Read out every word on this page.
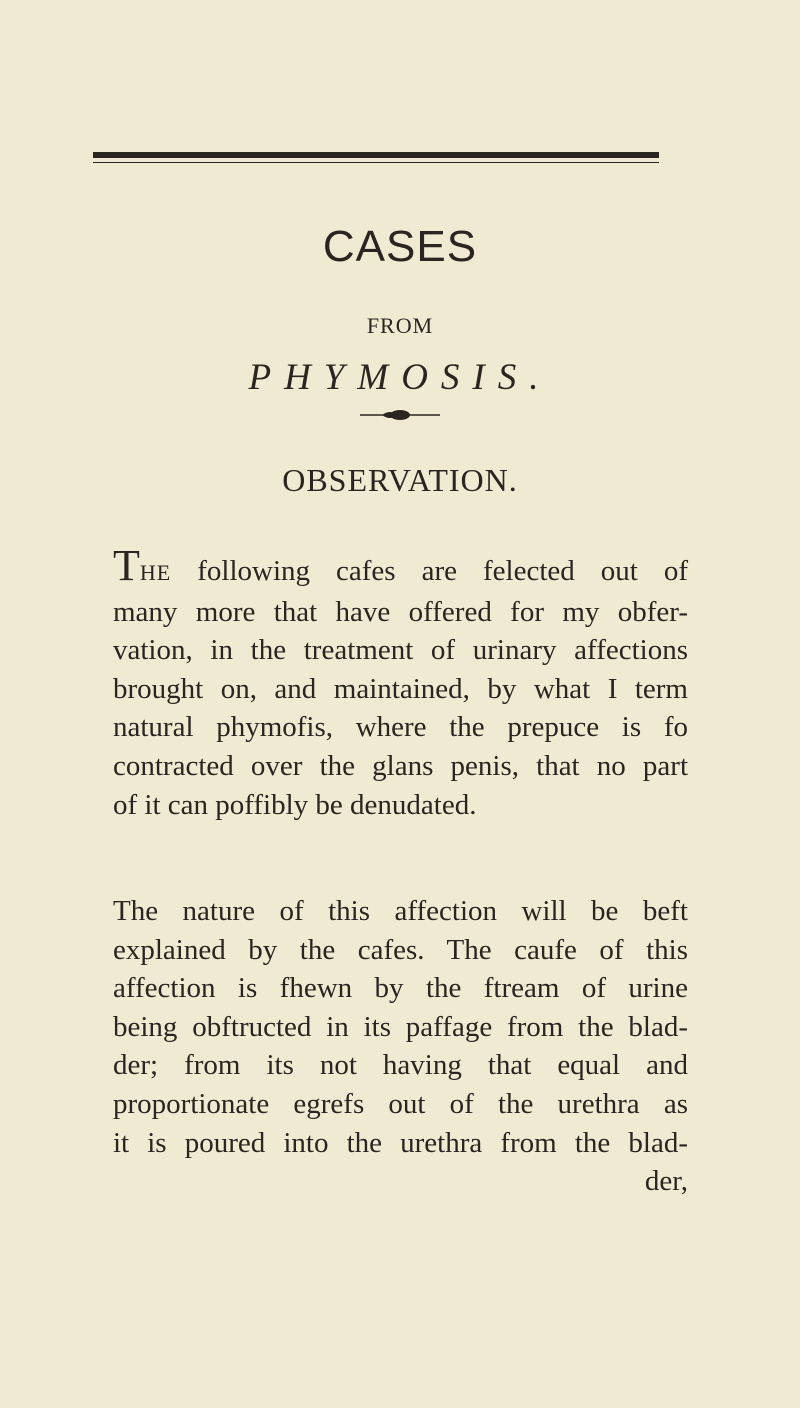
CASES
FROM
PHYMOSIS.
OBSERVATION.
THE following cafes are felected out of
many more that have offered for my obfer-
vation, in the treatment of urinary affections
brought on, and maintained, by what I term
natural phymofis, where the prepuce is fo
contracted over the glans penis, that no part
of it can poffibly be denudated.
The nature of this affection will be beft
explained by the cafes. The caufe of this
affection is fhewn by the ftream of urine
being obftructed in its paffage from the blad-
der; from its not having that equal and
proportionate egrefs out of the urethra as
it is poured into the urethra from the blad-
der,
